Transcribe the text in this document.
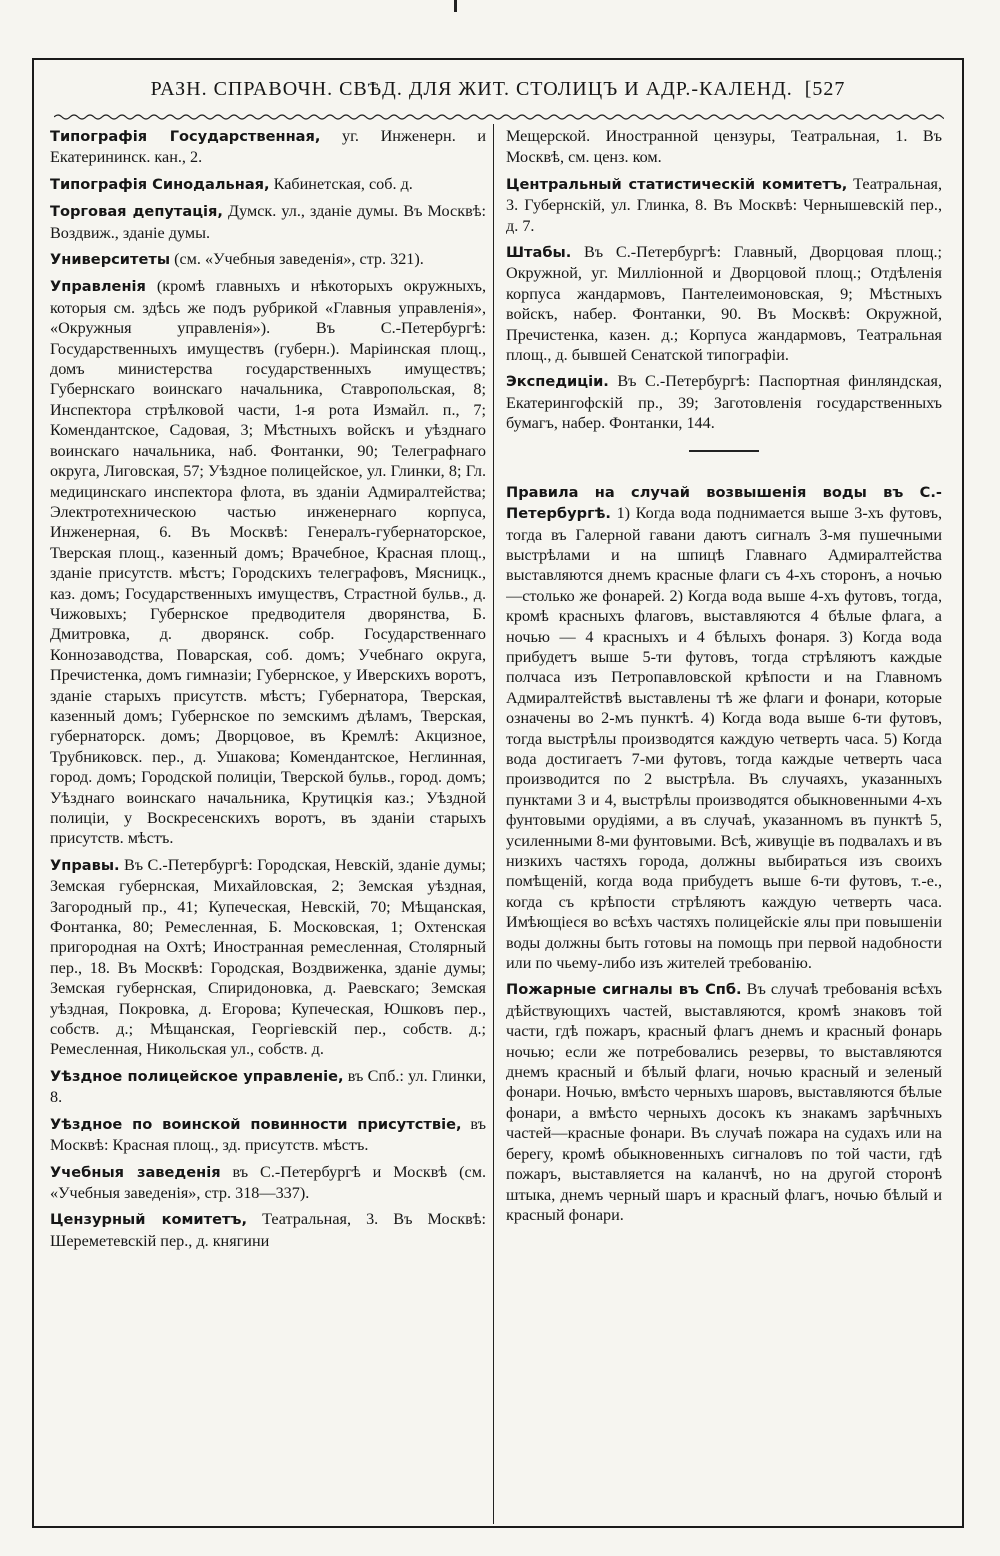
РАЗН. СПРАВОЧН. СВѢД. ДЛЯ ЖИТ. СТОЛИЦЪ И АДР.-КАЛЕНД. [527

Типографія Государственная, уг. Инженерн. и Екатерининск. кан., 2.

Типографія Синодальная, Кабинетская, соб. д.

Торговая депутація, Думск. ул., зданіе думы. Въ Москвѣ: Воздвиж., зданіе думы.

Университеты (см. «Учебныя заведенія», стр. 321).

Управленія (кромѣ главныхъ и нѣкоторыхъ окружныхъ, которыя см. здѣсь же подъ рубрикой «Главныя управленія», «Окружныя управленія»). Въ С.-Петербургѣ: Государственныхъ имуществъ (губерн.). Маріинская площ., домъ министерства государственныхъ имуществъ; Губернскаго воинскаго начальника, Ставропольская, 8; Инспектора стрѣлковой части, 1-я рота Измайл. п., 7; Комендантское, Садовая, 3; Мѣстныхъ войскъ и уѣзднаго воинскаго начальника, наб. Фонтанки, 90; Телеграфнаго округа, Лиговская, 57; Уѣздное полицейское, ул. Глинки, 8; Гл. медицинскаго инспектора флота, въ зданіи Адмиралтейства; Электротехническою частью инженернаго корпуса, Инженерная, 6. Въ Москвѣ: Генералъ-губернаторское, Тверская площ., казенный домъ; Врачебное, Красная площ., зданіе присутств. мѣстъ; Городскихъ телеграфовъ, Мясницк., каз. домъ; Государственныхъ имуществъ, Страстной бульв., д. Чижовыхъ; Губернское предводителя дворянства, Б. Дмитровка, д. дворянск. собр. Государственнаго Коннозаводства, Поварская, соб. домъ; Учебнаго округа, Пречистенка, домъ гимназіи; Губернское, у Иверскихъ воротъ, зданіе старыхъ присутств. мѣстъ; Губернатора, Тверская, казенный домъ; Губернское по земскимъ дѣламъ, Тверская, губернаторск. домъ; Дворцовое, въ Кремлѣ: Акцизное, Трубниковск. пер., д. Ушакова; Комендантское, Неглинная, город. домъ; Городской полиціи, Тверской бульв., город. домъ; Уѣзднаго воинскаго начальника, Крутицкія каз.; Уѣздной полиціи, у Воскресенскихъ воротъ, въ зданіи старыхъ присутств. мѣстъ.

Управы. Въ С.-Петербургѣ: Городская, Невскій, зданіе думы; Земская губернская, Михайловская, 2; Земская уѣздная, Загородный пр., 41; Купеческая, Невскій, 70; Мѣщанская, Фонтанка, 80; Ремесленная, Б. Московская, 1; Охтенская пригородная на Охтѣ; Иностранная ремесленная, Столярный пер., 18. Въ Москвѣ: Городская, Воздвиженка, зданіе думы; Земская губернская, Спиридоновка, д. Раевскаго; Земская уѣздная, Покровка, д. Егорова; Купеческая, Юшковъ пер., собств. д.; Мѣщанская, Георгіевскій пер., собств. д.; Ремесленная, Никольская ул., собств. д.

Уѣздное полицейское управленіе, въ Спб.: ул. Глинки, 8.

Уѣздное по воинской повинности присутствіе, въ Москвѣ: Красная площ., зд. присутств. мѣстъ.

Учебныя заведенія въ С.-Петербургѣ и Москвѣ (см. «Учебныя заведенія», стр. 318—337).

Цензурный комитетъ, Театральная, 3. Въ Москвѣ: Шереметевскій пер., д. княгини

Мещерской. Иностранной цензуры, Театральная, 1. Въ Москвѣ, см. ценз. ком.

Центральный статистическій комитетъ, Театральная, 3. Губернскій, ул. Глинка, 8. Въ Москвѣ: Чернышевскій пер., д. 7.

Штабы. Въ С.-Петербургѣ: Главный, Дворцовая площ.; Окружной, уг. Милліонной и Дворцовой площ.; Отдѣленія корпуса жандармовъ, Пантелеимоновская, 9; Мѣстныхъ войскъ, набер. Фонтанки, 90. Въ Москвѣ: Окружной, Пречистенка, казен. д.; Корпуса жандармовъ, Театральная площ., д. бывшей Сенатской типографіи.

Экспедиціи. Въ С.-Петербургѣ: Паспортная финляндская, Екатерингофскій пр., 39; Заготовленія государственныхъ бумагъ, набер. Фонтанки, 144.

Правила на случай возвышенія воды въ С.-Петербургѣ. 1) Когда вода поднимается выше 3-хъ футовъ, тогда въ Галерной гавани даютъ сигналъ 3-мя пушечными выстрѣлами и на шпицѣ Главнаго Адмиралтейства выставляются днемъ красные флаги съ 4-хъ сторонъ, а ночью—столько же фонарей. 2) Когда вода выше 4-хъ футовъ, тогда, кромѣ красныхъ флаговъ, выставляются 4 бѣлые флага, а ночью — 4 красныхъ и 4 бѣлыхъ фонаря. 3) Когда вода прибудетъ выше 5-ти футовъ, тогда стрѣляютъ каждые полчаса изъ Петропавловской крѣпости и на Главномъ Адмиралтействѣ выставлены тѣ же флаги и фонари, которые означены во 2-мъ пунктѣ. 4) Когда вода выше 6-ти футовъ, тогда выстрѣлы производятся каждую четверть часа. 5) Когда вода достигаетъ 7-ми футовъ, тогда каждые четверть часа производится по 2 выстрѣла. Въ случаяхъ, указанныхъ пунктами 3 и 4, выстрѣлы производятся обыкновенными 4-хъ фунтовыми орудіями, а въ случаѣ, указанномъ въ пунктѣ 5, усиленными 8-ми фунтовыми. Всѣ, живущіе въ подвалахъ и въ низкихъ частяхъ города, должны выбираться изъ своихъ помѣщеній, когда вода прибудетъ выше 6-ти футовъ, т.-е., когда съ крѣпости стрѣляютъ каждую четверть часа. Имѣющіеся во всѣхъ частяхъ полицейскіе ялы при повышеніи воды должны быть готовы на помощь при первой надобности или по чьему-либо изъ жителей требованію.

Пожарные сигналы въ Спб. Въ случаѣ требованія всѣхъ дѣйствующихъ частей, выставляются, кромѣ знаковъ той части, гдѣ пожаръ, красный флагъ днемъ и красный фонарь ночью; если же потребовались резервы, то выставляются днемъ красный и бѣлый флаги, ночью красный и зеленый фонари. Ночью, вмѣсто черныхъ шаровъ, выставляются бѣлые фонари, а вмѣсто черныхъ досокъ къ знакамъ зарѣчныхъ частей—красные фонари. Въ случаѣ пожара на судахъ или на берегу, кромѣ обыкновенныхъ сигналовъ по той части, гдѣ пожаръ, выставляется на каланчѣ, но на другой сторонѣ штыка, днемъ черный шаръ и красный флагъ, ночью бѣлый и красный фонари.
